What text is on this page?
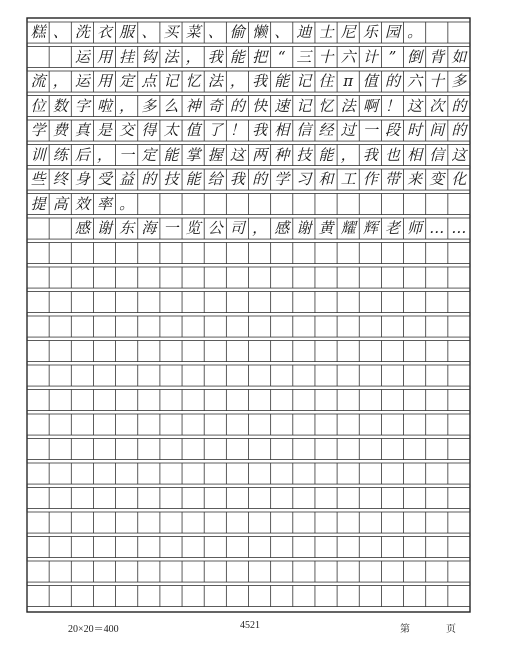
糕 、 洗 衣 服 、 买 菜 、 偷 懒 、 迪 士 尼 乐 园 。
运 用 挂 钩 法 ， 我 能 把 “ 三 十 六 计 ” 倒 背 如
流 ， 运 用 定 点 记 忆 法 ， 我 能 记 住 π 值 的 六 十 多
位 数 字 啦 ， 多 么 神 奇 的 快 速 记 忆 法 啊 ！ 这 次 的
学 费 真 是 交 得 太 值 了 ！ 我 相 信 经 过 一 段 时 间 的
训 练 后 ， 一 定 能 掌 握 这 两 种 技 能 ， 我 也 相 信 这
些 终 身 受 益 的 技 能 给 我 的 学 习 和 工 作 带 来 变 化
提 高 效 率 。
感 谢 东 海 一 览 公 司 ， 感 谢 黄 耀 辉 老 师 … …
20×20＝400	4521	第	页
